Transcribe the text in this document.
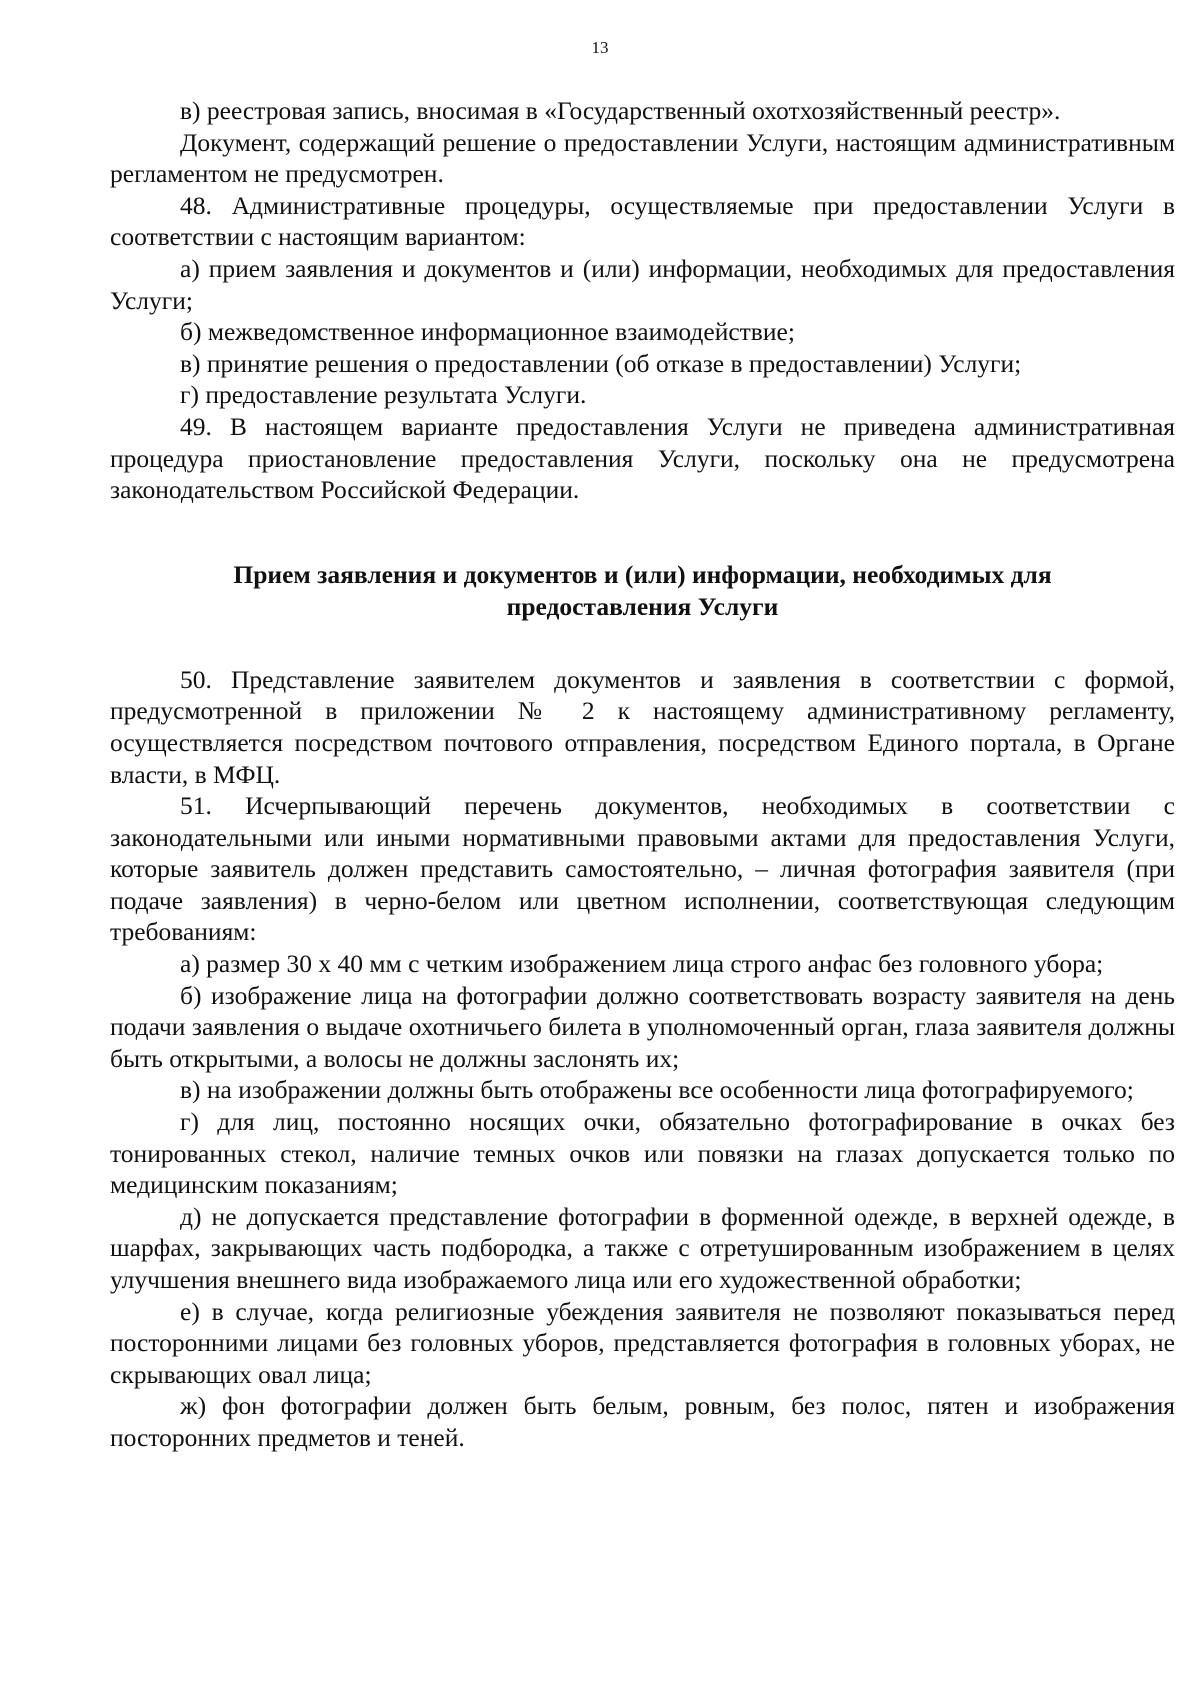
13

в) реестровая запись, вносимая в «Государственный охотхозяйственный реестр».

Документ, содержащий решение о предоставлении Услуги, настоящим административным регламентом не предусмотрен.

48. Административные процедуры, осуществляемые при предоставлении Услуги в соответствии с настоящим вариантом:

а) прием заявления и документов и (или) информации, необходимых для предоставления Услуги;

б) межведомственное информационное взаимодействие;

в) принятие решения о предоставлении (об отказе в предоставлении) Услуги;

г) предоставление результата Услуги.

49. В настоящем варианте предоставления Услуги не приведена административная процедура приостановление предоставления Услуги, поскольку она не предусмотрена законодательством Российской Федерации.

Прием заявления и документов и (или) информации, необходимых для
предоставления Услуги

50. Представление заявителем документов и заявления в соответствии с формой, предусмотренной в приложении № 2 к настоящему административному регламенту, осуществляется посредством почтового отправления, посредством Единого портала, в Органе власти, в МФЦ.

51. Исчерпывающий перечень документов, необходимых в соответствии с законодательными или иными нормативными правовыми актами для предоставления Услуги, которые заявитель должен представить самостоятельно, – личная фотография заявителя (при подаче заявления) в черно-белом или цветном исполнении, соответствующая следующим требованиям:

а) размер 30 х 40 мм с четким изображением лица строго анфас без головного убора;

б) изображение лица на фотографии должно соответствовать возрасту заявителя на день подачи заявления о выдаче охотничьего билета в уполномоченный орган, глаза заявителя должны быть открытыми, а волосы не должны заслонять их;

в) на изображении должны быть отображены все особенности лица фотографируемого;

г) для лиц, постоянно носящих очки, обязательно фотографирование в очках без тонированных стекол, наличие темных очков или повязки на глазах допускается только по медицинским показаниям;

д) не допускается представление фотографии в форменной одежде, в верхней одежде, в шарфах, закрывающих часть подбородка, а также с отретушированным изображением в целях улучшения внешнего вида изображаемого лица или его художественной обработки;

е) в случае, когда религиозные убеждения заявителя не позволяют показываться перед посторонними лицами без головных уборов, представляется фотография в головных уборах, не скрывающих овал лица;

ж) фон фотографии должен быть белым, ровным, без полос, пятен и изображения посторонних предметов и теней.
